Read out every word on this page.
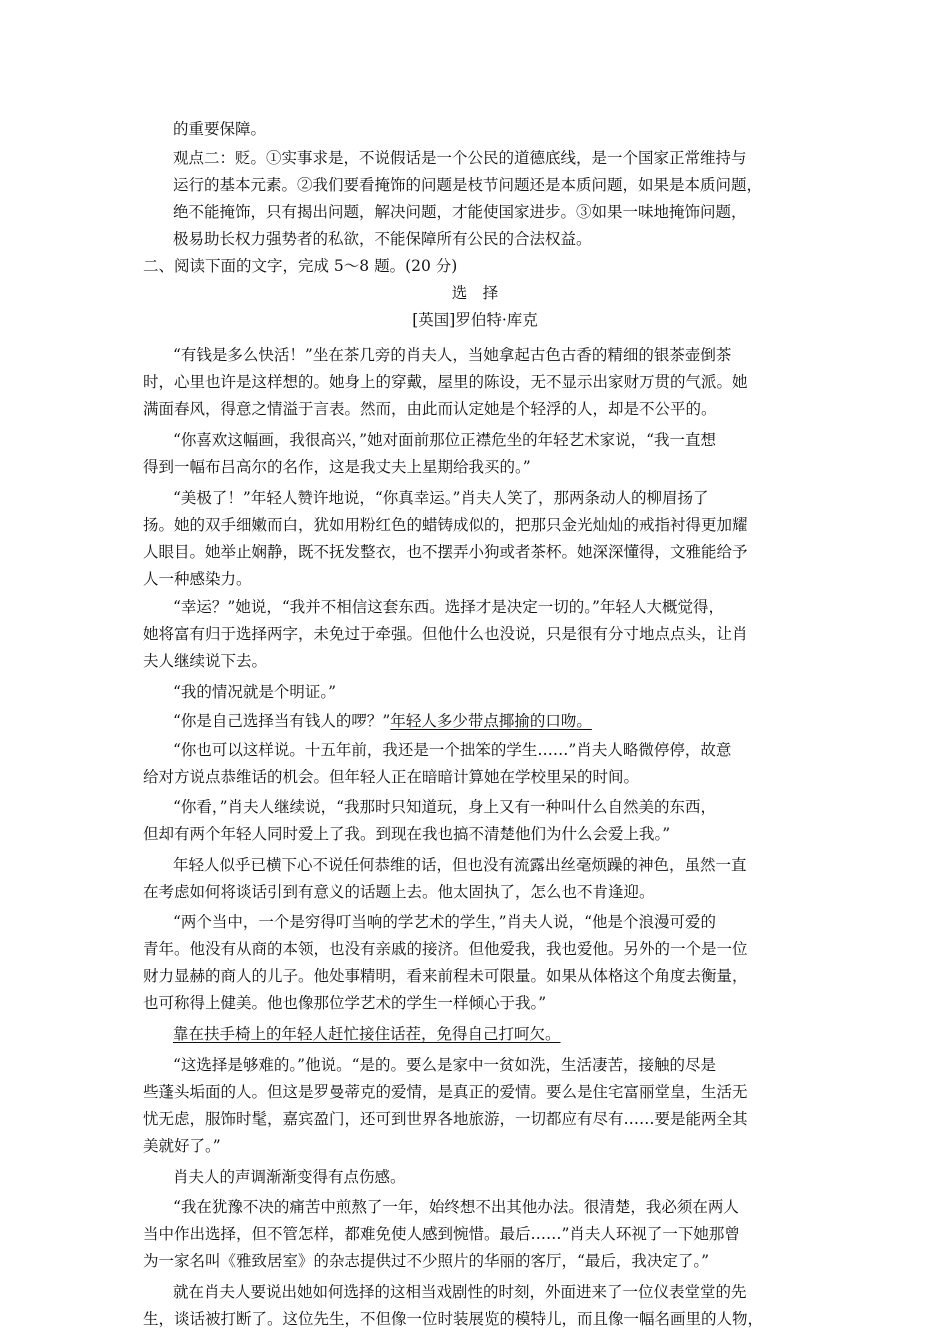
的重要保障。
观点二：贬。①实事求是，不说假话是一个公民的道德底线，是一个国家正常维持与
运行的基本元素。②我们要看掩饰的问题是枝节问题还是本质问题，如果是本质问题，
绝不能掩饰，只有揭出问题，解决问题，才能使国家进步。③如果一味地掩饰问题，
极易助长权力强势者的私欲，不能保障所有公民的合法权益。
二、阅读下面的文字，完成 5～8 题。(20 分)
选　择
[英国]罗伯特·库克
“有钱是多么快活！”坐在茶几旁的肖夫人，当她拿起古色古香的精细的银茶壶倒茶
时，心里也许是这样想的。她身上的穿戴，屋里的陈设，无不显示出家财万贯的气派。她
满面春风，得意之情溢于言表。然而，由此而认定她是个轻浮的人，却是不公平的。
“你喜欢这幅画，我很高兴，”她对面前那位正襟危坐的年轻艺术家说，“我一直想
得到一幅布吕高尔的名作，这是我丈夫上星期给我买的。”
“美极了！”年轻人赞许地说，“你真幸运。”肖夫人笑了，那两条动人的柳眉扬了
扬。她的双手细嫩而白，犹如用粉红色的蜡铸成似的，把那只金光灿灿的戒指衬得更加耀
人眼目。她举止娴静，既不抚发整衣，也不摆弄小狗或者茶杯。她深深懂得，文雅能给予
人一种感染力。
“幸运？”她说，“我并不相信这套东西。选择才是决定一切的。”年轻人大概觉得，
她将富有归于选择两字，未免过于牵强。但他什么也没说，只是很有分寸地点点头，让肖
夫人继续说下去。
“我的情况就是个明证。”
“你是自己选择当有钱人的啰？”年轻人多少带点揶揄的口吻。
“你也可以这样说。十五年前，我还是一个拙笨的学生……”肖夫人略微停停，故意
给对方说点恭维话的机会。但年轻人正在暗暗计算她在学校里呆的时间。
“你看，”肖夫人继续说，“我那时只知道玩，身上又有一种叫什么自然美的东西，
但却有两个年轻人同时爱上了我。到现在我也搞不清楚他们为什么会爱上我。”
年轻人似乎已横下心不说任何恭维的话，但也没有流露出丝毫烦躁的神色，虽然一直
在考虑如何将谈话引到有意义的话题上去。他太固执了，怎么也不肯逢迎。
“两个当中，一个是穷得叮当响的学艺术的学生，”肖夫人说，“他是个浪漫可爱的
青年。他没有从商的本领，也没有亲戚的接济。但他爱我，我也爱他。另外的一个是一位
财力显赫的商人的儿子。他处事精明，看来前程未可限量。如果从体格这个角度去衡量，
也可称得上健美。他也像那位学艺术的学生一样倾心于我。”
靠在扶手椅上的年轻人赶忙接住话茬，免得自己打呵欠。
“这选择是够难的。”他说。“是的。要么是家中一贫如洗，生活凄苦，接触的尽是
些蓬头垢面的人。但这是罗曼蒂克的爱情，是真正的爱情。要么是住宅富丽堂皇，生活无
忧无虑，服饰时髦，嘉宾盈门，还可到世界各地旅游，一切都应有尽有……要是能两全其
美就好了。”
肖夫人的声调渐渐变得有点伤感。
“我在犹豫不决的痛苦中煎熬了一年，始终想不出其他办法。很清楚，我必须在两人
当中作出选择，但不管怎样，都难免使人感到惋惜。最后……”肖夫人环视了一下她那曾
为一家名叫《雅致居室》的杂志提供过不少照片的华丽的客厅，“最后，我决定了。”
就在肖夫人要说出她如何选择的这相当戏剧性的时刻，外面进来了一位仪表堂堂的先
生，谈话被打断了。这位先生，不但像一位时装展览的模特儿，而且像一幅名画里的人物，
